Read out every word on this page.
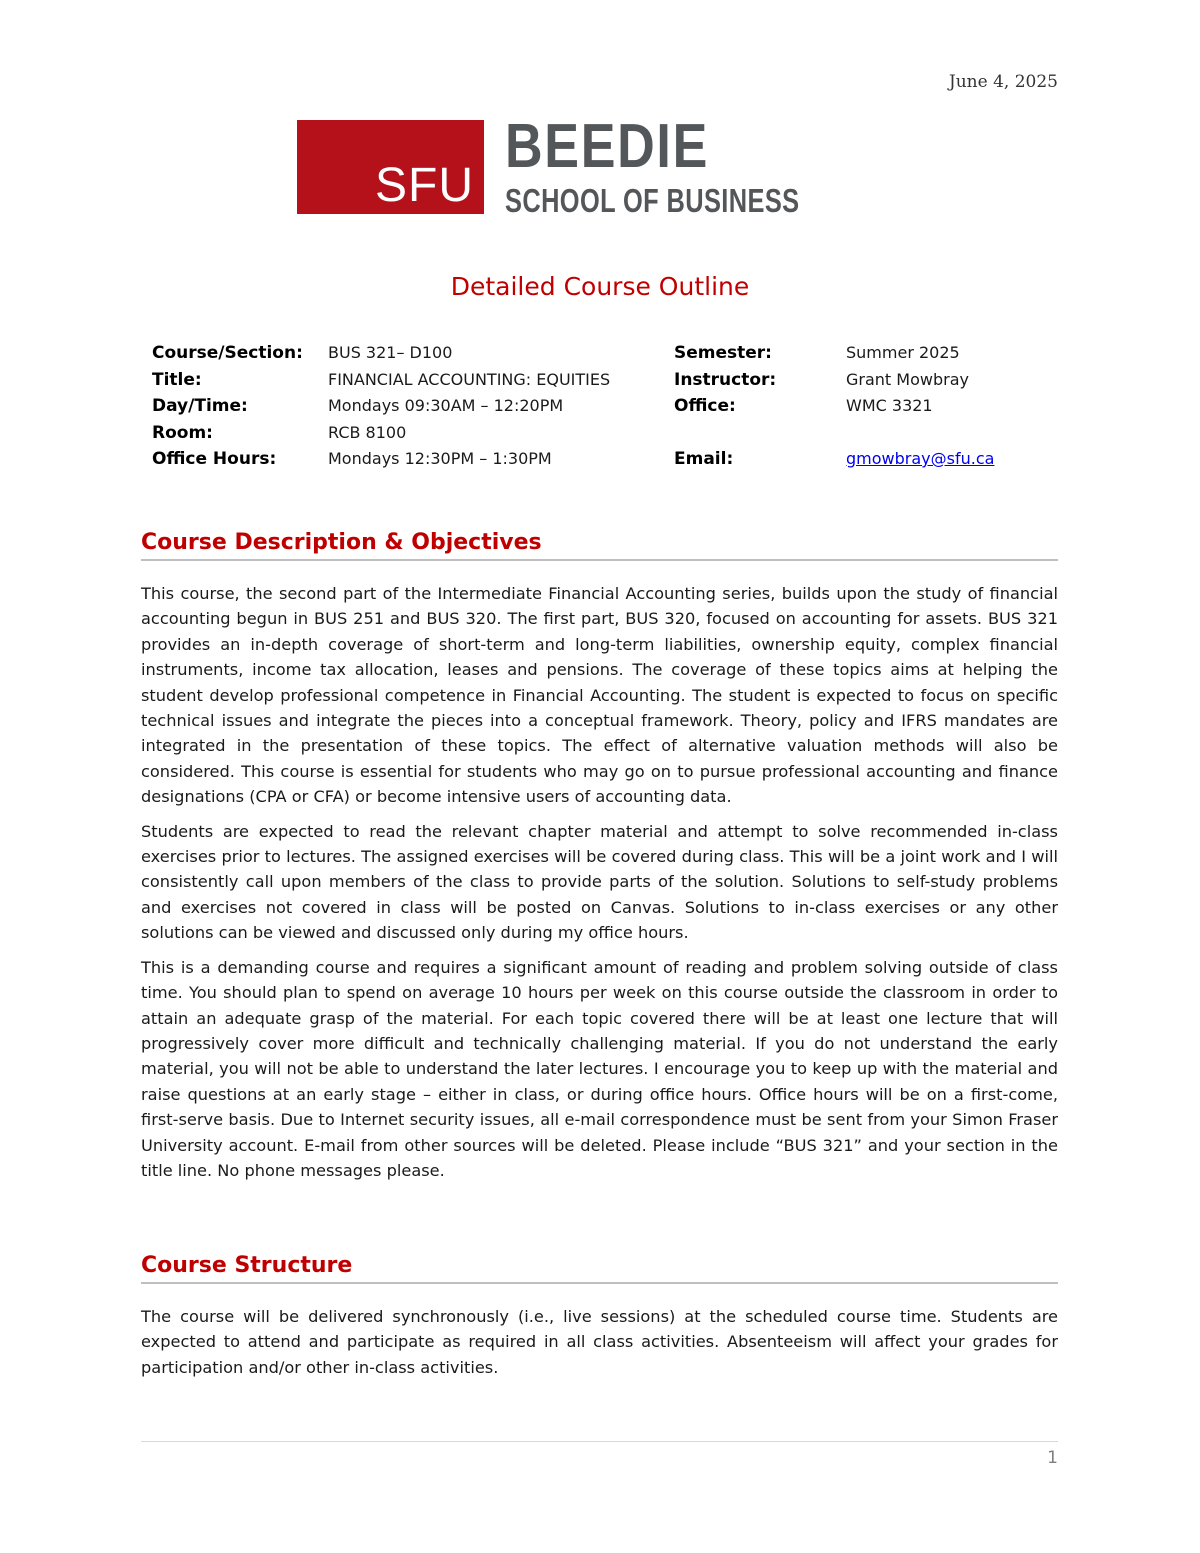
June 4, 2025
SFU
BEEDIE
SCHOOL OF BUSINESS
Detailed Course Outline
Course/Section:	BUS 321– D100	Semester:	Summer 2025
Title:	FINANCIAL ACCOUNTING: EQUITIES	Instructor:	Grant Mowbray
Day/Time:	Mondays 09:30AM – 12:20PM	Office:	WMC 3321
Room:	RCB 8100
Office Hours:	Mondays 12:30PM – 1:30PM	Email:	gmowbray@sfu.ca
Course Description & Objectives

This course, the second part of the Intermediate Financial Accounting series, builds upon the study of financial accounting begun in BUS 251 and BUS 320. The first part, BUS 320, focused on accounting for assets. BUS 321 provides an in-depth coverage of short-term and long-term liabilities, ownership equity, complex financial instruments, income tax allocation, leases and pensions. The coverage of these topics aims at helping the student develop professional competence in Financial Accounting. The student is expected to focus on specific technical issues and integrate the pieces into a conceptual framework. Theory, policy and IFRS mandates are integrated in the presentation of these topics. The effect of alternative valuation methods will also be considered. This course is essential for students who may go on to pursue professional accounting and finance designations (CPA or CFA) or become intensive users of accounting data.

Students are expected to read the relevant chapter material and attempt to solve recommended in-class exercises prior to lectures. The assigned exercises will be covered during class. This will be a joint work and I will consistently call upon members of the class to provide parts of the solution. Solutions to self-study problems and exercises not covered in class will be posted on Canvas. Solutions to in-class exercises or any other solutions can be viewed and discussed only during my office hours.

This is a demanding course and requires a significant amount of reading and problem solving outside of class time. You should plan to spend on average 10 hours per week on this course outside the classroom in order to attain an adequate grasp of the material. For each topic covered there will be at least one lecture that will progressively cover more difficult and technically challenging material. If you do not understand the early material, you will not be able to understand the later lectures. I encourage you to keep up with the material and raise questions at an early stage – either in class, or during office hours. Office hours will be on a first-come, first-serve basis. Due to Internet security issues, all e-mail correspondence must be sent from your Simon Fraser University account. E-mail from other sources will be deleted. Please include “BUS 321” and your section in the title line. No phone messages please.

Course Structure

The course will be delivered synchronously (i.e., live sessions) at the scheduled course time. Students are expected to attend and participate as required in all class activities. Absenteeism will affect your grades for participation and/or other in-class activities.

1
